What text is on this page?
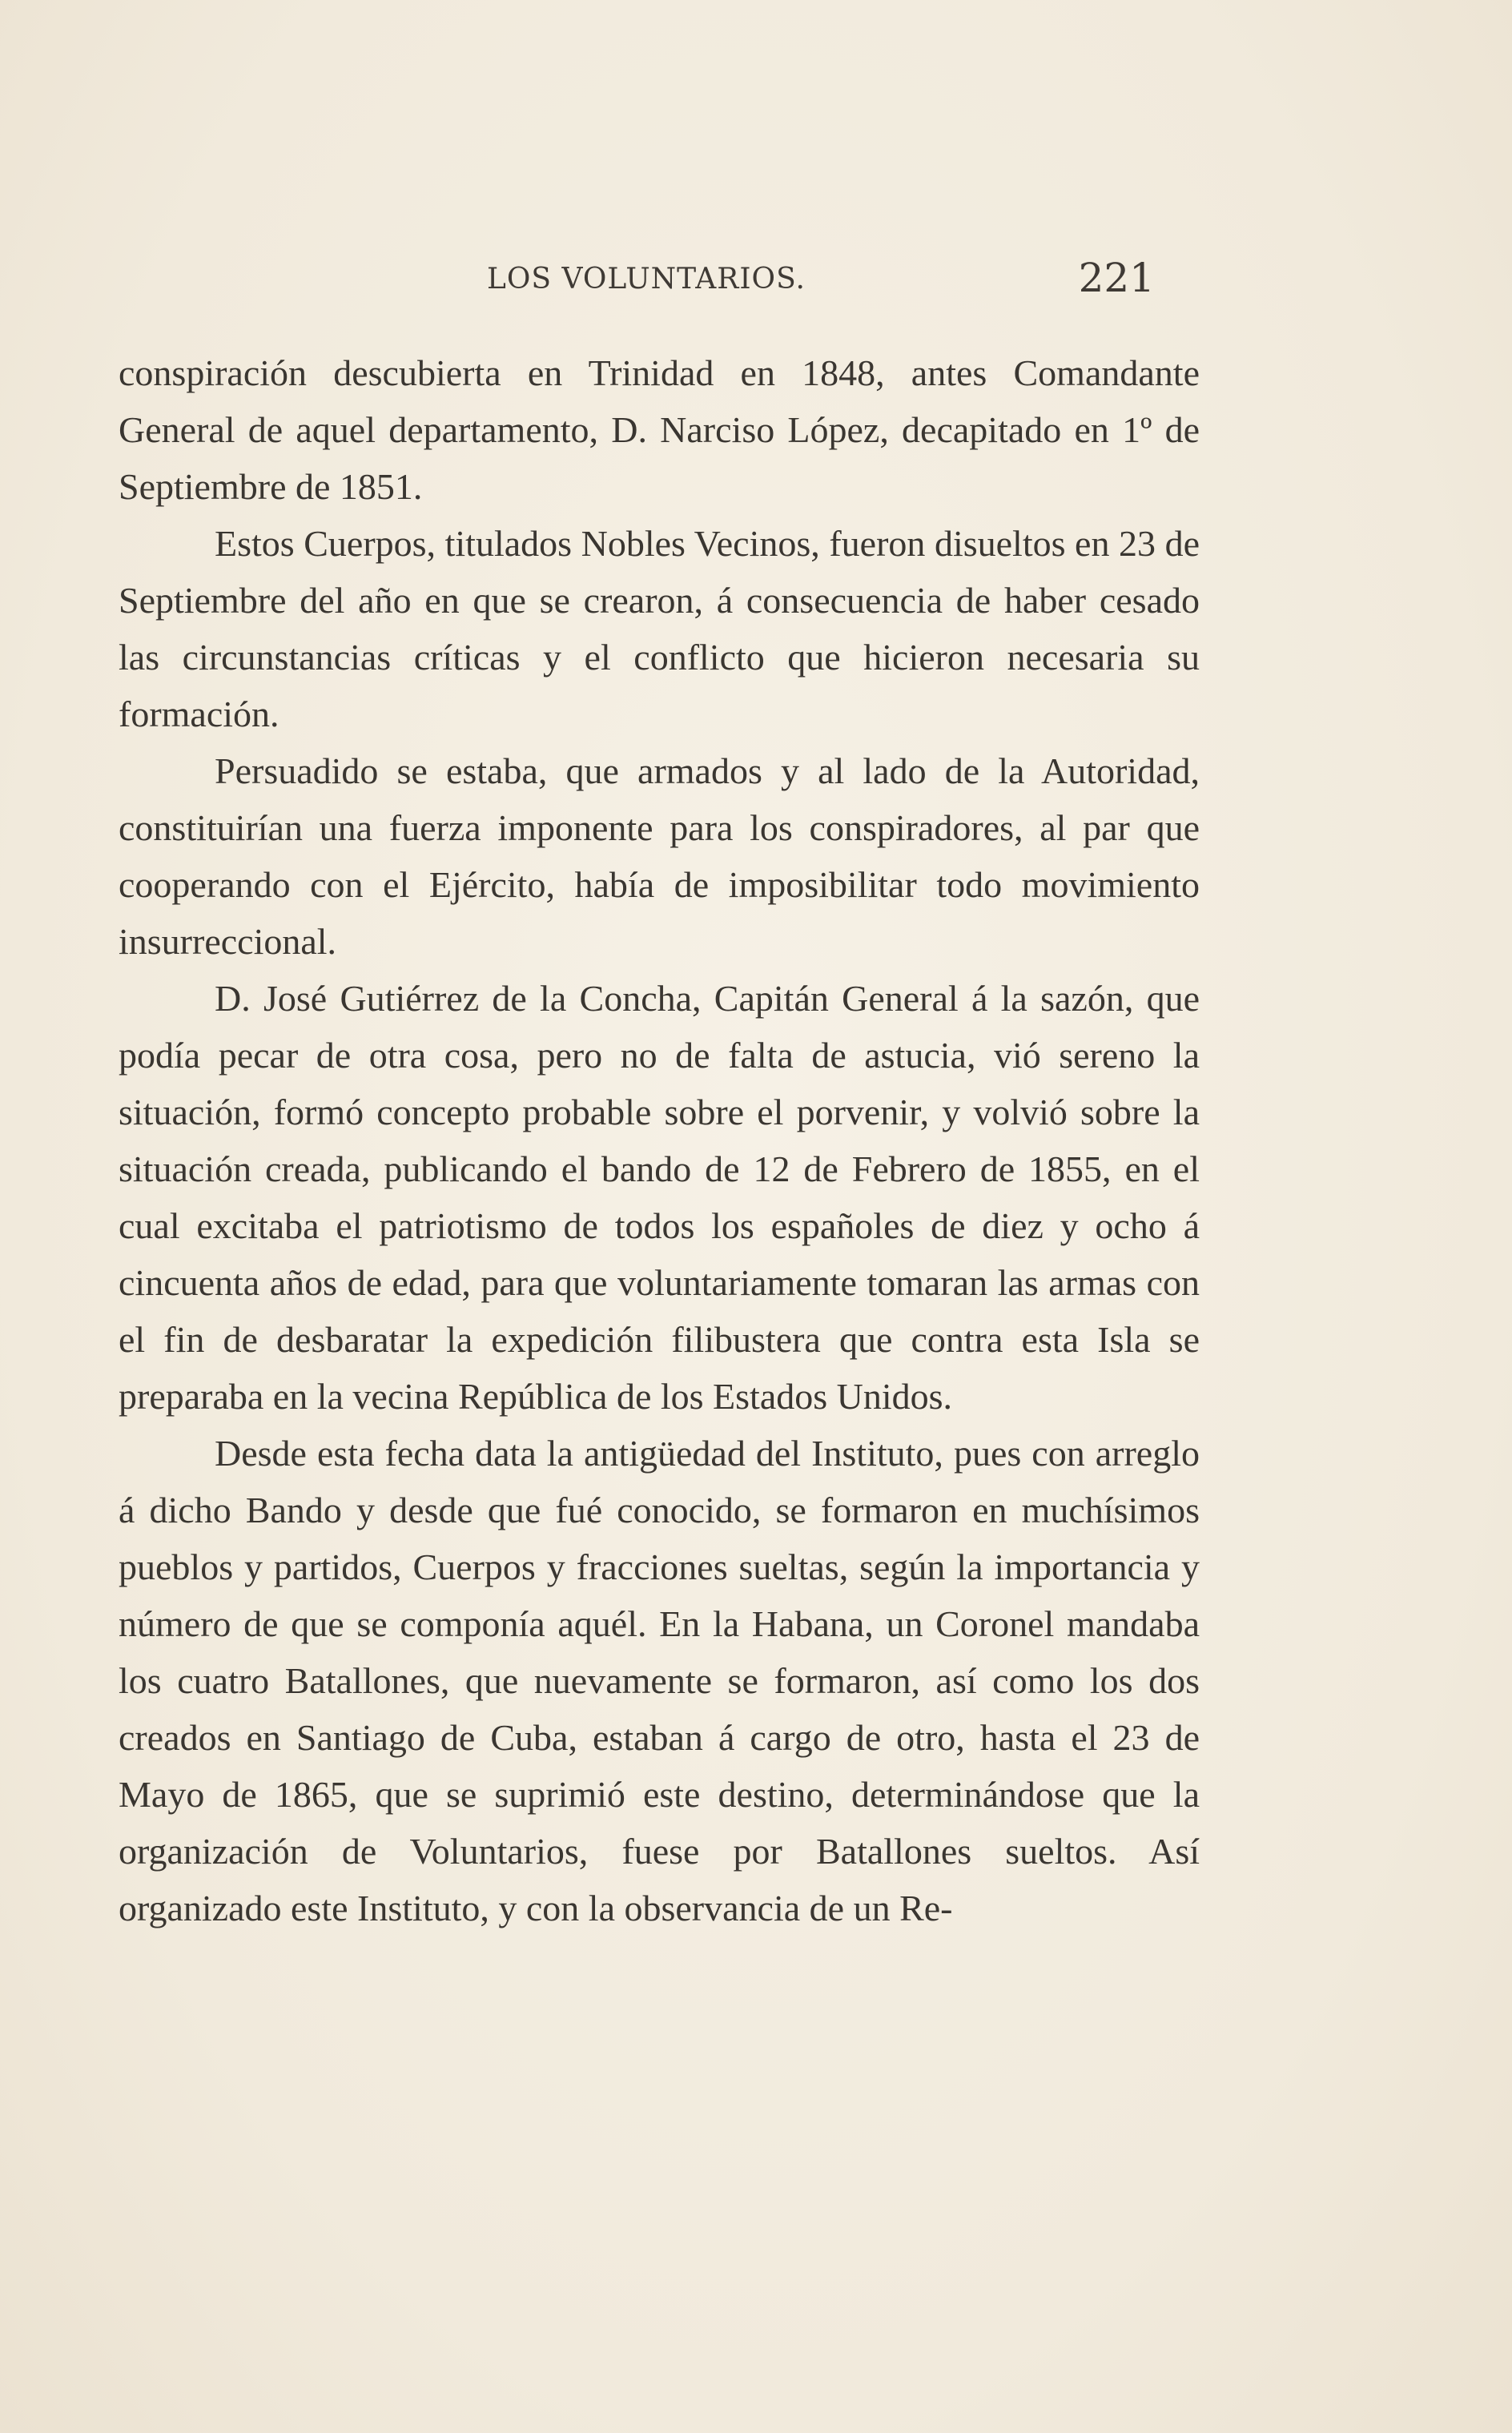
LOS VOLUNTARIOS.	221

conspiración descubierta en Trinidad en 1848, antes Comandante General de aquel departamento, D. Narciso López, decapitado en 1º de Septiembre de 1851.

Estos Cuerpos, titulados Nobles Vecinos, fueron disueltos en 23 de Septiembre del año en que se crearon, á consecuencia de haber cesado las circunstancias críticas y el conflicto que hicieron necesaria su formación.

Persuadido se estaba, que armados y al lado de la Autoridad, constituirían una fuerza imponente para los conspiradores, al par que cooperando con el Ejército, había de imposibilitar todo movimiento insurreccional.

D. José Gutiérrez de la Concha, Capitán General á la sazón, que podía pecar de otra cosa, pero no de falta de astucia, vió sereno la situación, formó concepto probable sobre el porvenir, y volvió sobre la situación creada, publicando el bando de 12 de Febrero de 1855, en el cual excitaba el patriotismo de todos los españoles de diez y ocho á cincuenta años de edad, para que voluntariamente tomaran las armas con el fin de desbaratar la expedición filibustera que contra esta Isla se preparaba en la vecina República de los Estados Unidos.

Desde esta fecha data la antigüedad del Instituto, pues con arreglo á dicho Bando y desde que fué conocido, se formaron en muchísimos pueblos y partidos, Cuerpos y fracciones sueltas, según la importancia y número de que se componía aquél. En la Habana, un Coronel mandaba los cuatro Batallones, que nuevamente se formaron, así como los dos creados en Santiago de Cuba, estaban á cargo de otro, hasta el 23 de Mayo de 1865, que se suprimió este destino, determinándose que la organización de Voluntarios, fuese por Batallones sueltos. Así organizado este Instituto, y con la observancia de un Re-
